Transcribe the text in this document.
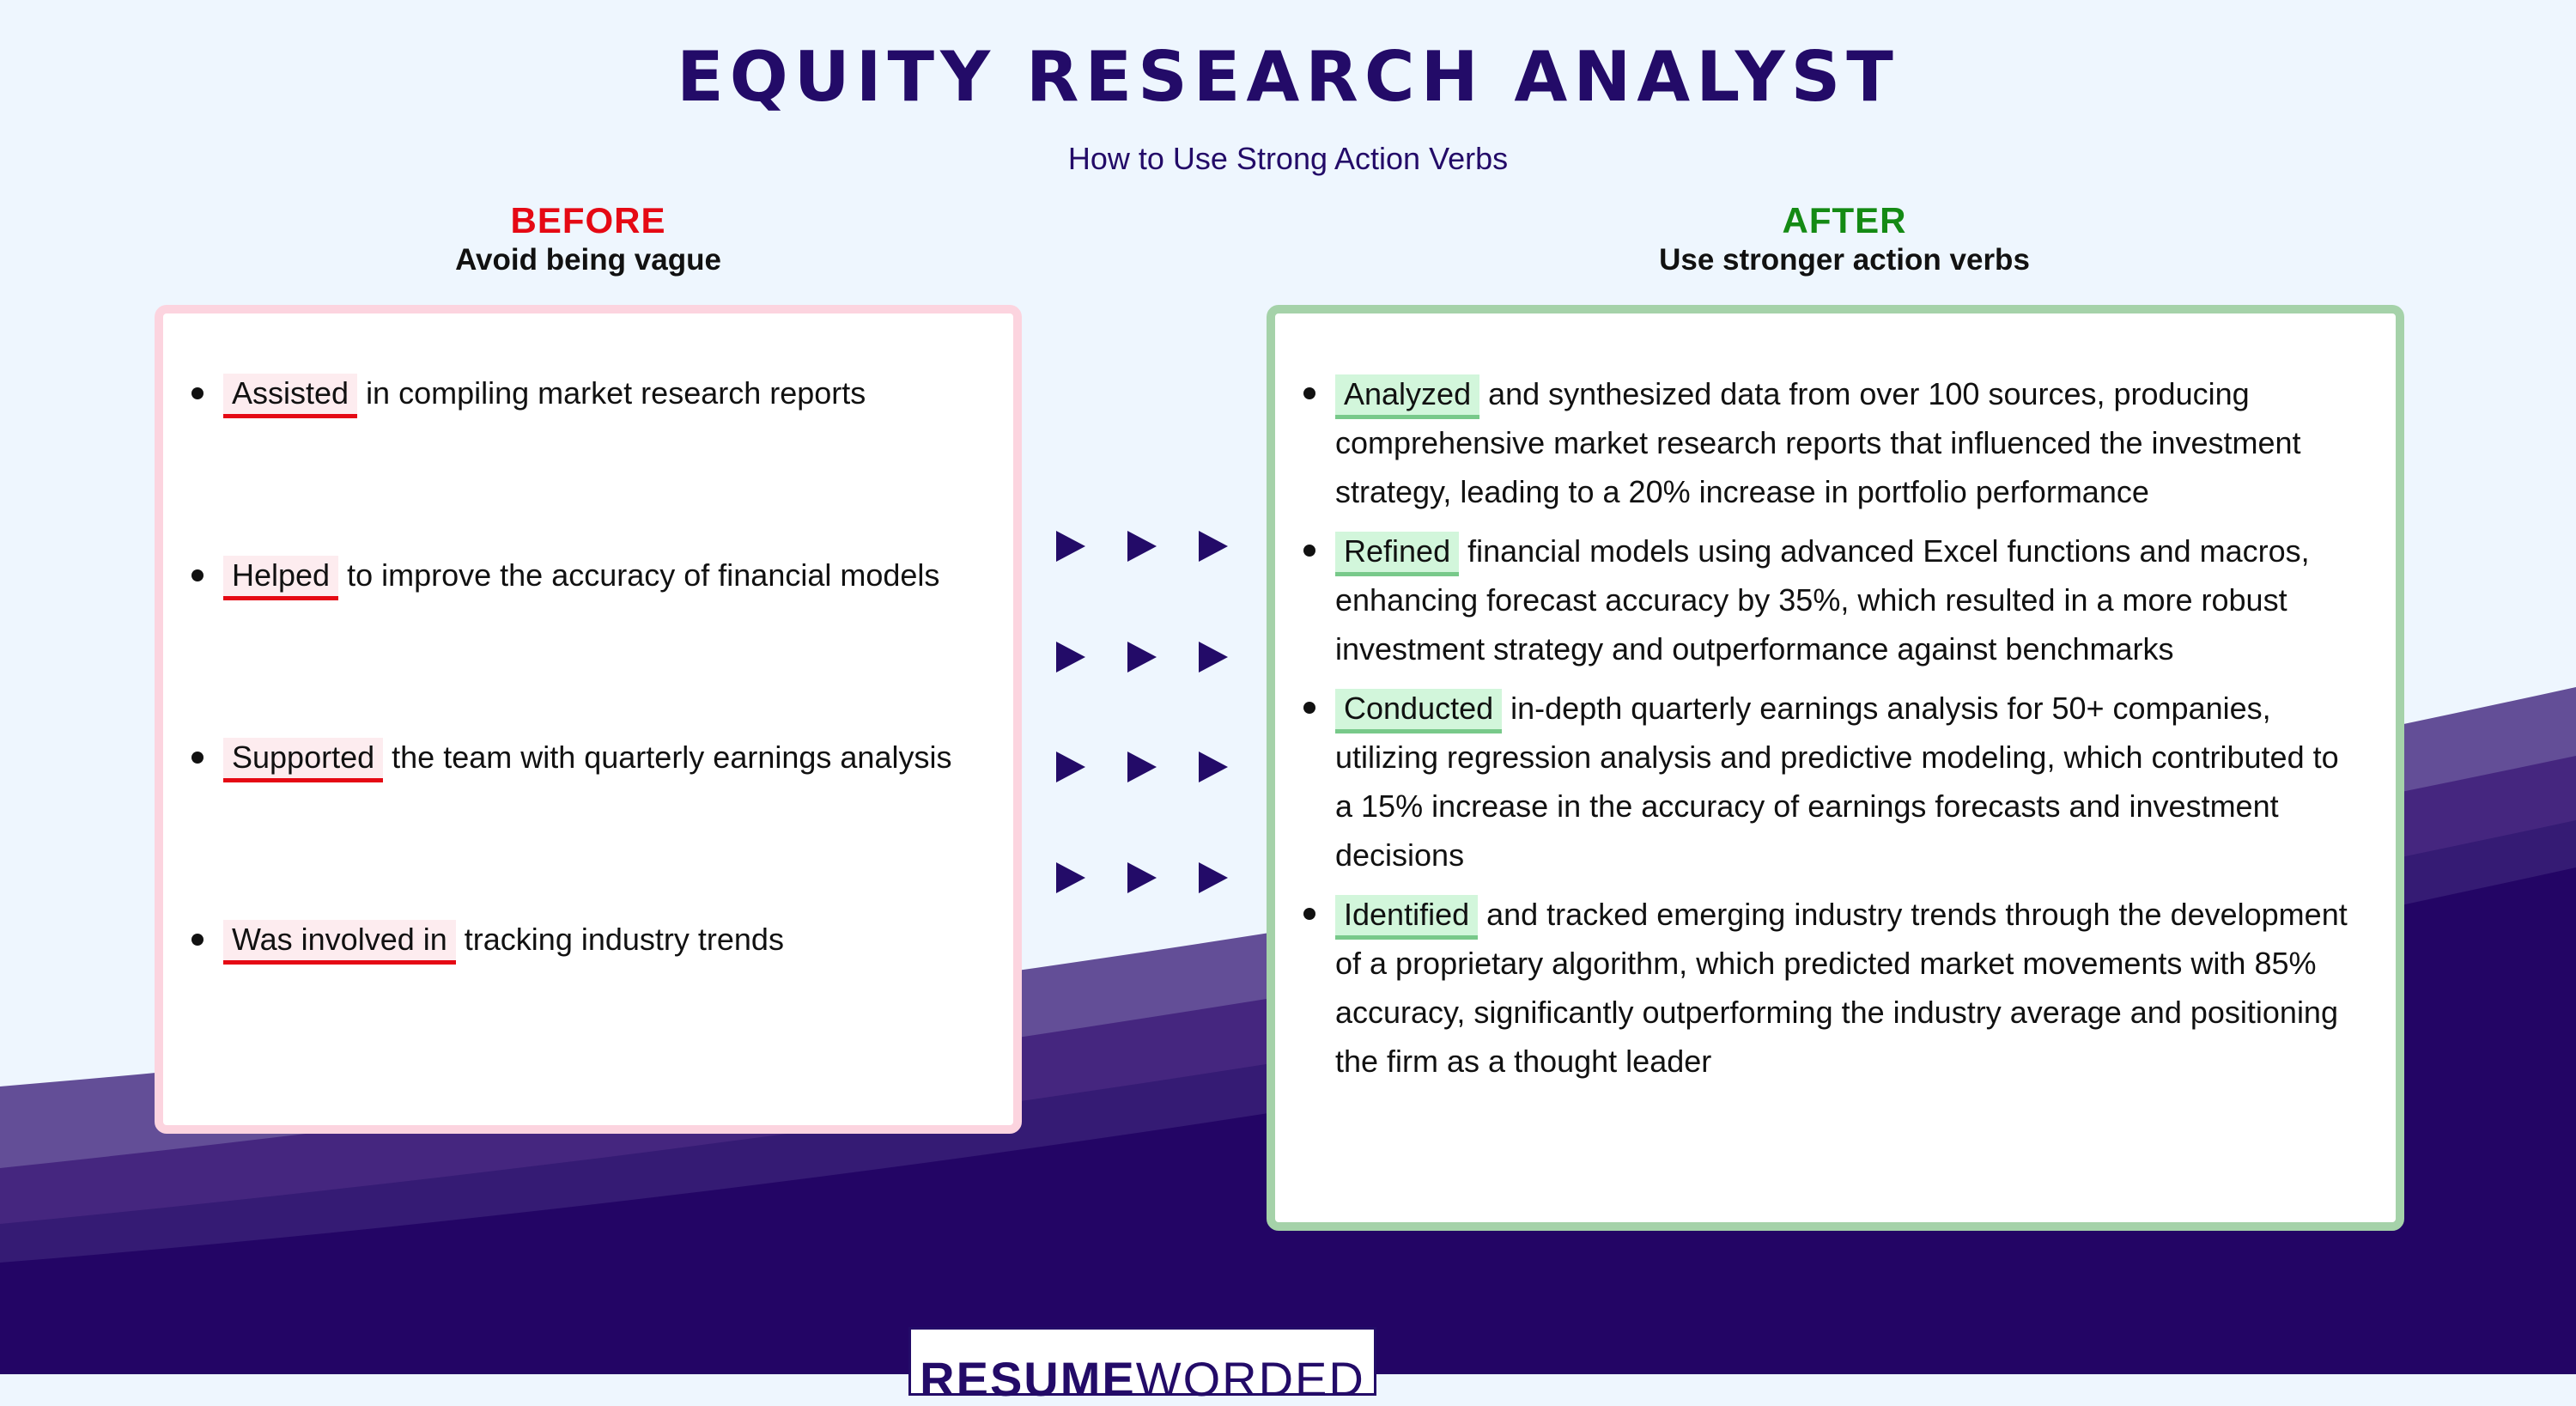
EQUITY RESEARCH ANALYST
How to Use Strong Action Verbs
BEFORE
Avoid being vague
AFTER
Use stronger action verbs
Assisted in compiling market research reports
Helped to improve the accuracy of financial models
Supported the team with quarterly earnings analysis
Was involved in tracking industry trends
Analyzed and synthesized data from over 100 sources, producing comprehensive market research reports that influenced the investment strategy, leading to a 20% increase in portfolio performance
Refined financial models using advanced Excel functions and macros, enhancing forecast accuracy by 35%, which resulted in a more robust investment strategy and outperformance against benchmarks
Conducted in-depth quarterly earnings analysis for 50+ companies, utilizing regression analysis and predictive modeling, which contributed to a 15% increase in the accuracy of earnings forecasts and investment decisions
Identified and tracked emerging industry trends through the development of a proprietary algorithm, which predicted market movements with 85% accuracy, significantly outperforming the industry average and positioning the firm as a thought leader
RESUMEWORDED
